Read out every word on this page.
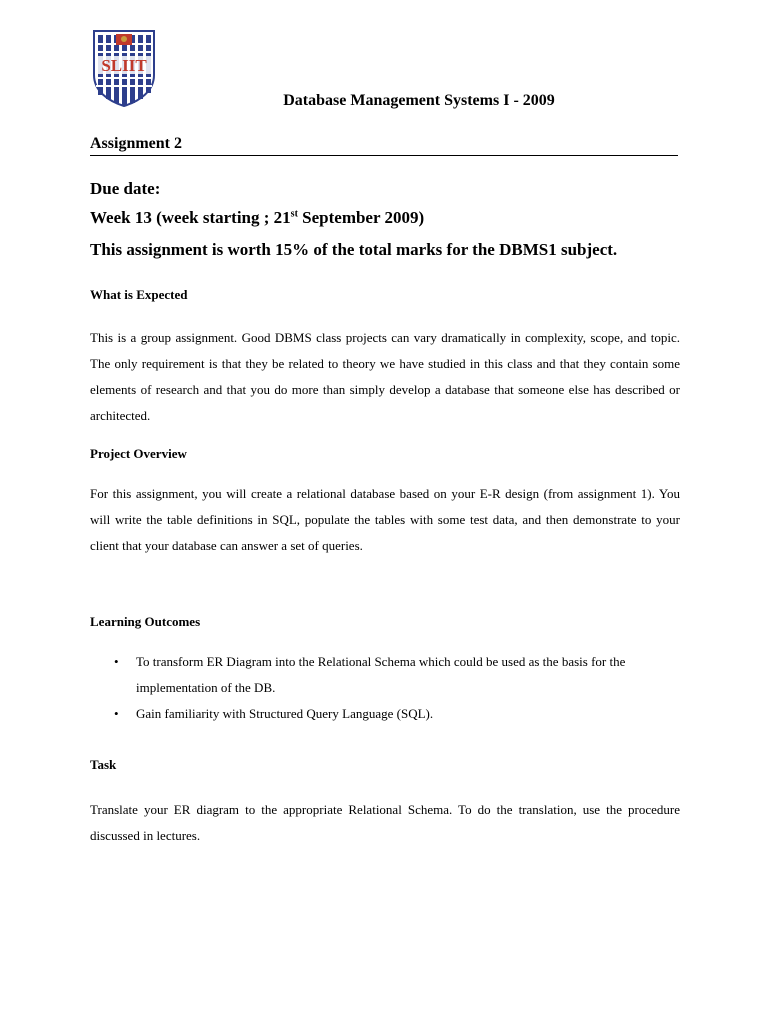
SLIIT
Database Management Systems I - 2009
Assignment 2
Due date:
Week 13 (week starting ; 21st September 2009)
This assignment is worth 15% of the total marks for the DBMS1 subject.
What is Expected
This is a group assignment. Good DBMS class projects can vary dramatically in complexity, scope, and topic. The only requirement is that they be related to theory we have studied in this class and that they contain some elements of research and that you do more than simply develop a database that someone else has described or architected.
Project Overview
For this assignment, you will create a relational database based on your E-R design (from assignment 1). You will write the table definitions in SQL, populate the tables with some test data, and then demonstrate to your client that your database can answer a set of queries.
Learning Outcomes
• To transform ER Diagram into the Relational Schema which could be used as the basis for the implementation of the DB.
• Gain familiarity with Structured Query Language (SQL).
Task
Translate your ER diagram to the appropriate Relational Schema. To do the translation, use the procedure discussed in lectures.
